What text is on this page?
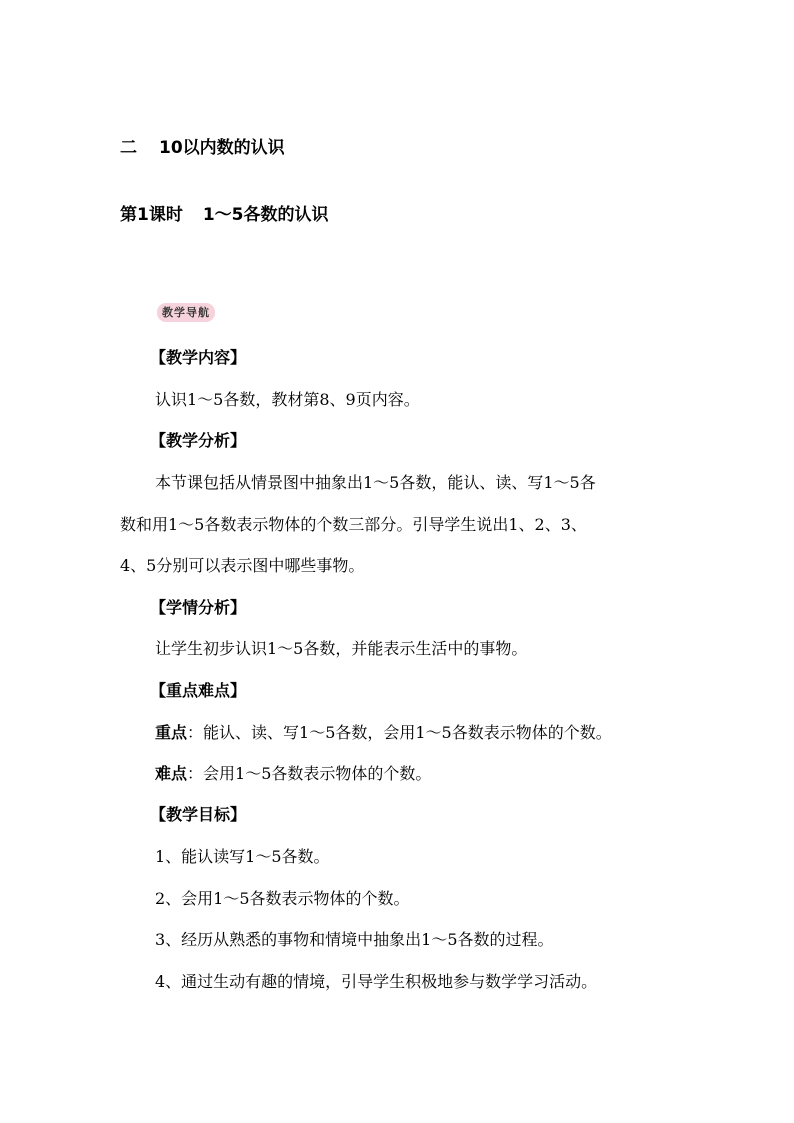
二 10以内数的认识
第1课时 1～5各数的认识
教学导航
【教学内容】
认识1～5各数，教材第8、9页内容。
【教学分析】
本节课包括从情景图中抽象出1～5各数，能认、读、写1～5各
数和用1～5各数表示物体的个数三部分。引导学生说出1、2、3、
4、5分别可以表示图中哪些事物。
【学情分析】
让学生初步认识1～5各数，并能表示生活中的事物。
【重点难点】
重点：能认、读、写1～5各数，会用1～5各数表示物体的个数。
难点：会用1～5各数表示物体的个数。
【教学目标】
1、能认读写1～5各数。
2、会用1～5各数表示物体的个数。
3、经历从熟悉的事物和情境中抽象出1～5各数的过程。
4、通过生动有趣的情境，引导学生积极地参与数学学习活动。
